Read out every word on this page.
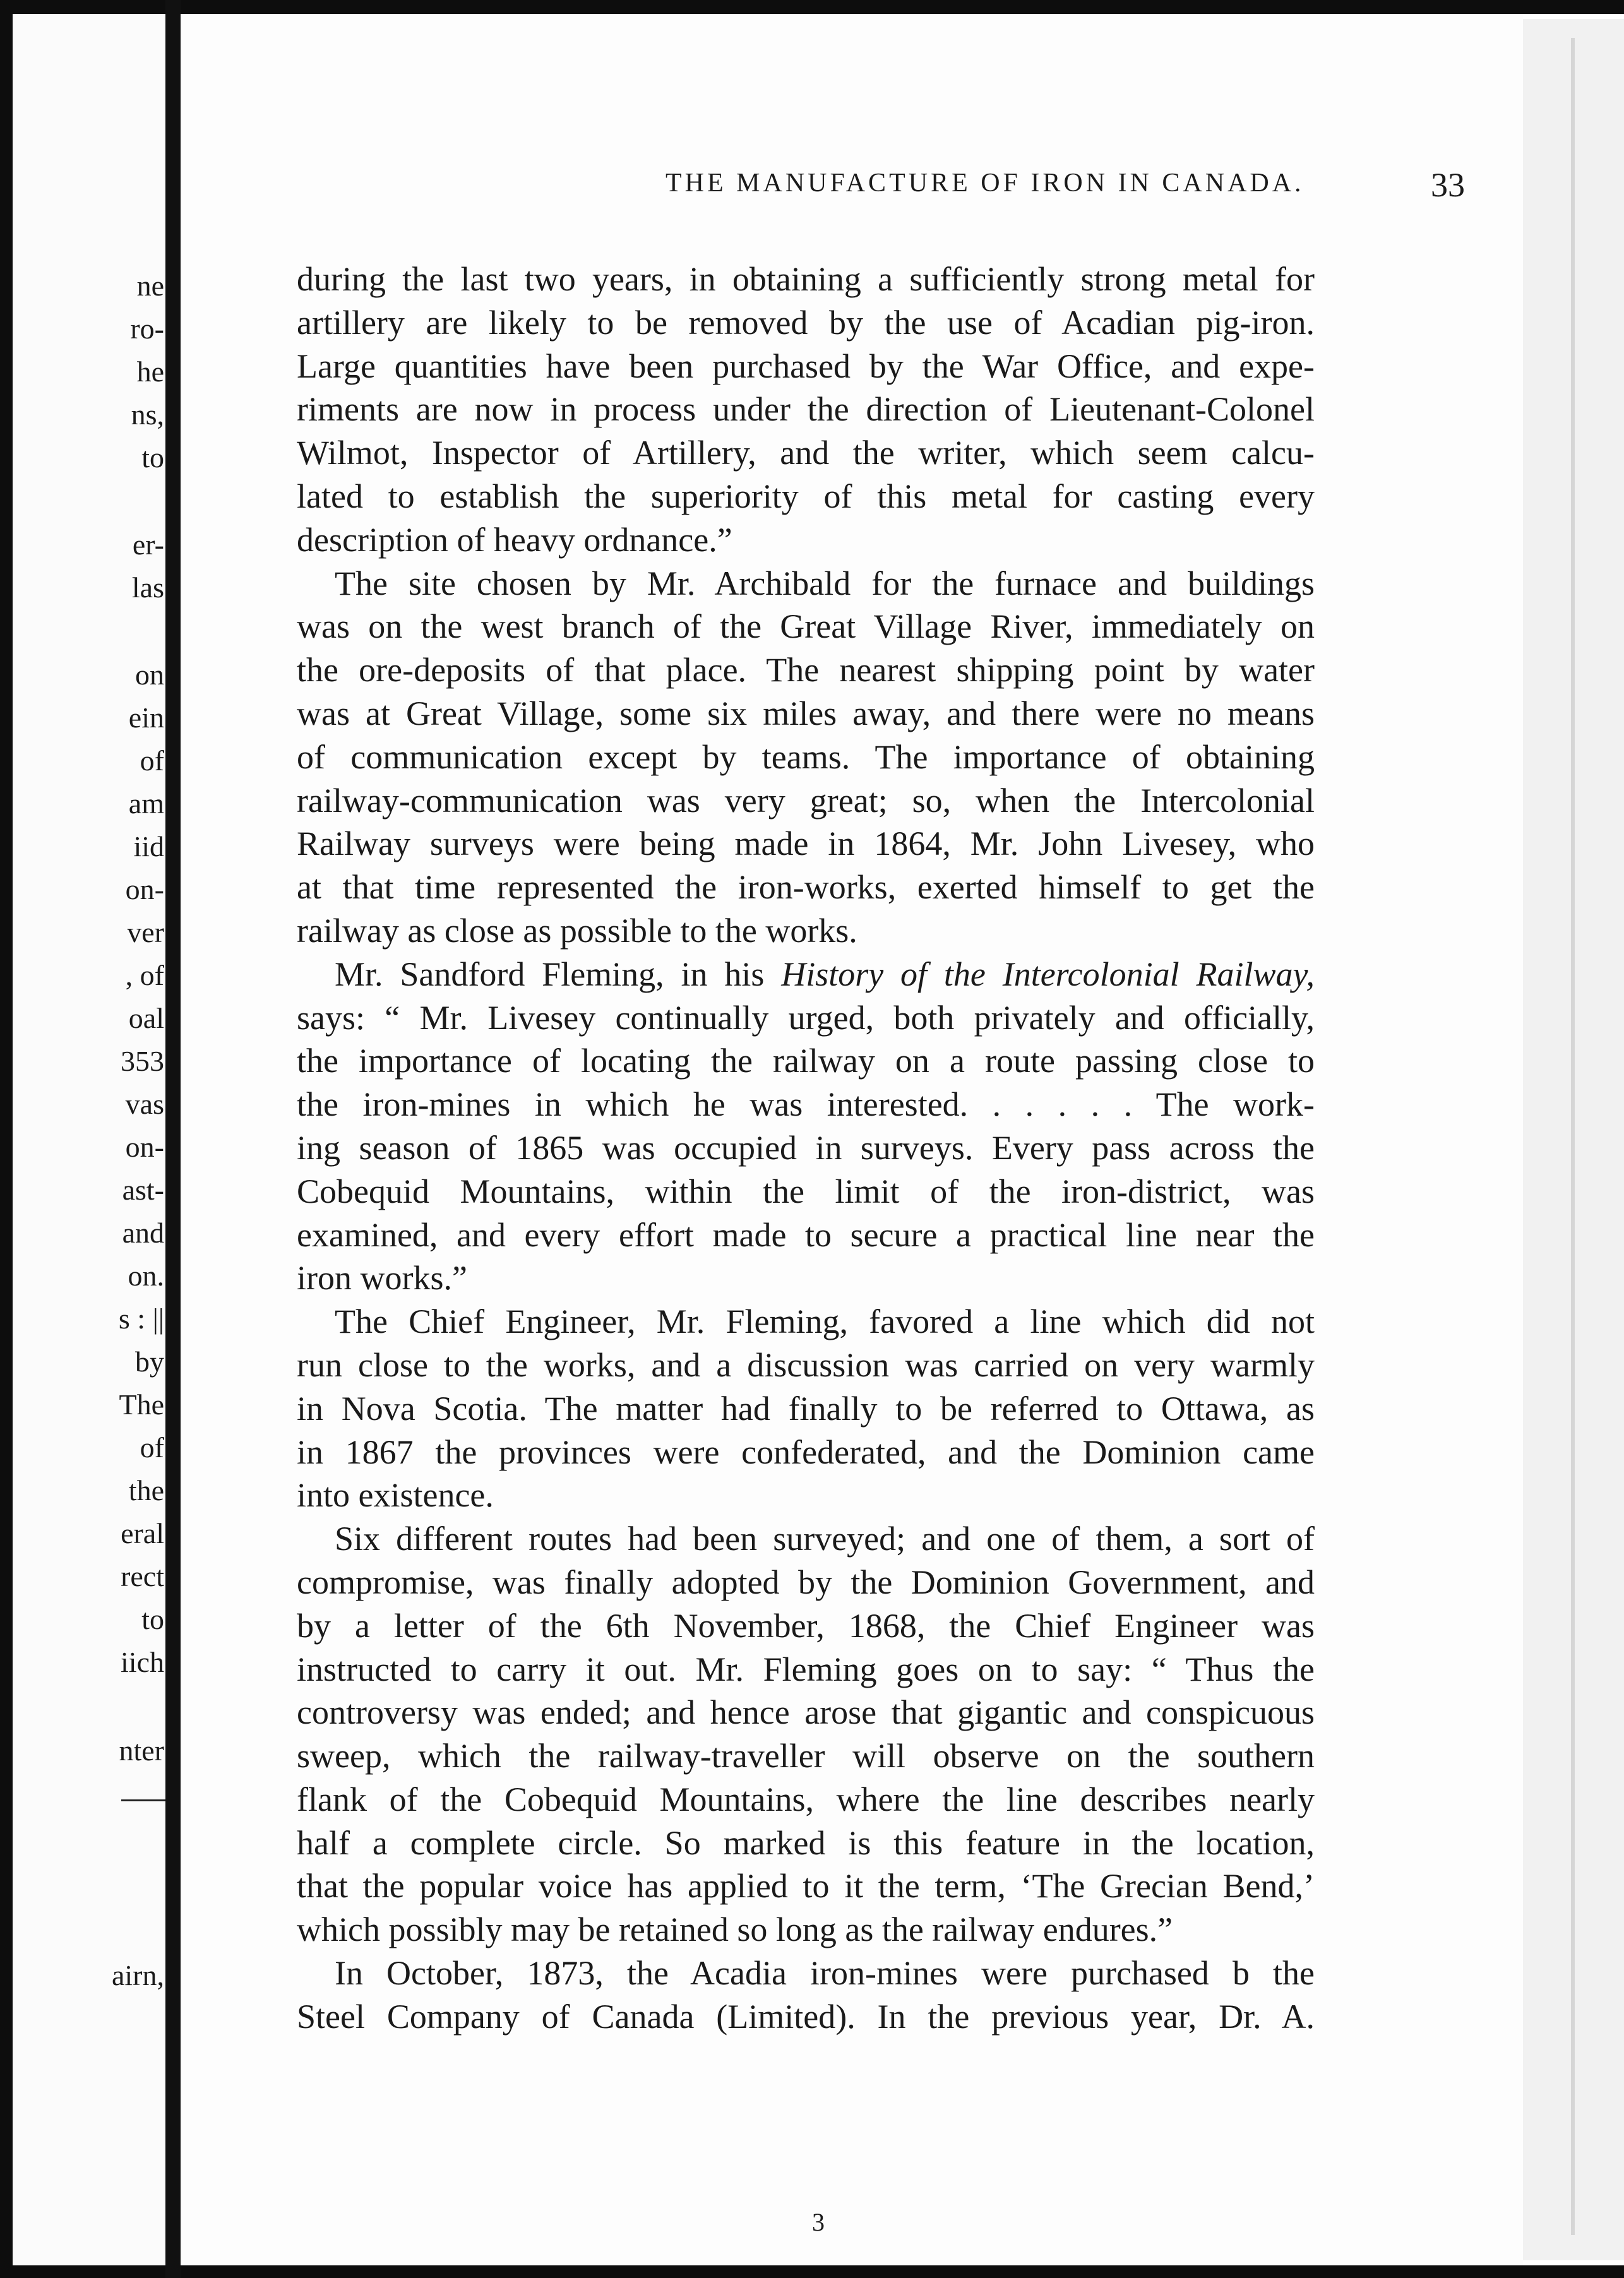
ne
ro-
he
ns,
to
er-
las
on
ein
of
am
iid
on-
ver
, of
oal
353
vas
on-
ast-
and
on.
s : ||
by
The
of
the
eral
rect
to
iich
nter
airn,
THE MANUFACTURE OF IRON IN CANADA.	33
during the last two years, in obtaining a sufficiently strong metal for
artillery are likely to be removed by the use of Acadian pig-iron.
Large quantities have been purchased by the War Office, and expe-
riments are now in process under the direction of Lieutenant-Colonel
Wilmot, Inspector of Artillery, and the writer, which seem calcu-
lated to establish the superiority of this metal for casting every
description of heavy ordnance.”
The site chosen by Mr. Archibald for the furnace and buildings
was on the west branch of the Great Village River, immediately on
the ore-deposits of that place. The nearest shipping point by water
was at Great Village, some six miles away, and there were no means
of communication except by teams. The importance of obtaining
railway-communication was very great; so, when the Intercolonial
Railway surveys were being made in 1864, Mr. John Livesey, who
at that time represented the iron-works, exerted himself to get the
railway as close as possible to the works.
Mr. Sandford Fleming, in his History of the Intercolonial Railway,
says: “ Mr. Livesey continually urged, both privately and officially,
the importance of locating the railway on a route passing close to
the iron-mines in which he was interested. . . . . . The work-
ing season of 1865 was occupied in surveys. Every pass across the
Cobequid Mountains, within the limit of the iron-district, was
examined, and every effort made to secure a practical line near the
iron works.”
The Chief Engineer, Mr. Fleming, favored a line which did not
run close to the works, and a discussion was carried on very warmly
in Nova Scotia. The matter had finally to be referred to Ottawa, as
in 1867 the provinces were confederated, and the Dominion came
into existence.
Six different routes had been surveyed; and one of them, a sort of
compromise, was finally adopted by the Dominion Government, and
by a letter of the 6th November, 1868, the Chief Engineer was
instructed to carry it out. Mr. Fleming goes on to say: “ Thus the
controversy was ended; and hence arose that gigantic and conspicuous
sweep, which the railway-traveller will observe on the southern
flank of the Cobequid Mountains, where the line describes nearly
half a complete circle. So marked is this feature in the location,
that the popular voice has applied to it the term, ‘The Grecian Bend,’
which possibly may be retained so long as the railway endures.”
In October, 1873, the Acadia iron-mines were purchased b the
Steel Company of Canada (Limited). In the previous year, Dr. A.
3
